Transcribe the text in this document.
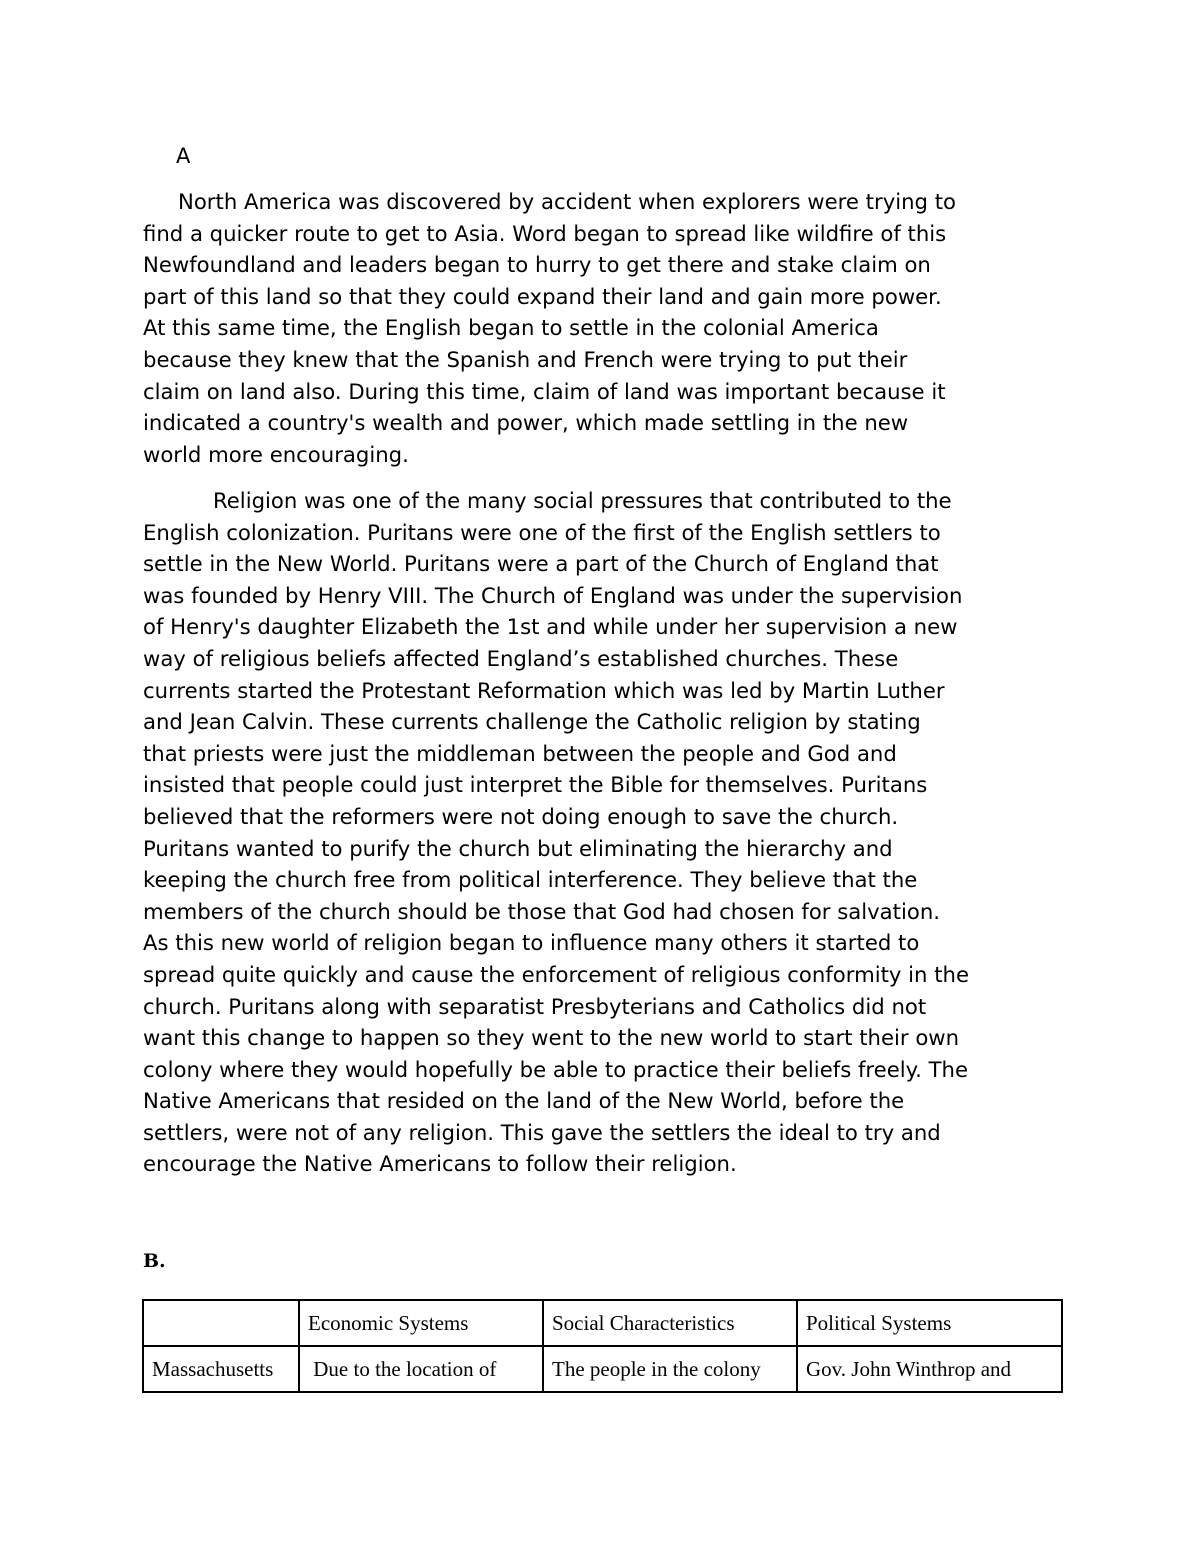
A

North America was discovered by accident when explorers were trying to
find a quicker route to get to Asia. Word began to spread like wildfire of this
Newfoundland and leaders began to hurry to get there and stake claim on
part of this land so that they could expand their land and gain more power.
At this same time, the English began to settle in the colonial America
because they knew that the Spanish and French were trying to put their
claim on land also. During this time, claim of land was important because it
indicated a country's wealth and power, which made settling in the new
world more encouraging.

Religion was one of the many social pressures that contributed to the
English colonization. Puritans were one of the first of the English settlers to
settle in the New World. Puritans were a part of the Church of England that
was founded by Henry VIII. The Church of England was under the supervision
of Henry's daughter Elizabeth the 1st and while under her supervision a new
way of religious beliefs affected England’s established churches. These
currents started the Protestant Reformation which was led by Martin Luther
and Jean Calvin. These currents challenge the Catholic religion by stating
that priests were just the middleman between the people and God and
insisted that people could just interpret the Bible for themselves. Puritans
believed that the reformers were not doing enough to save the church.
Puritans wanted to purify the church but eliminating the hierarchy and
keeping the church free from political interference. They believe that the
members of the church should be those that God had chosen for salvation.
As this new world of religion began to influence many others it started to
spread quite quickly and cause the enforcement of religious conformity in the
church. Puritans along with separatist Presbyterians and Catholics did not
want this change to happen so they went to the new world to start their own
colony where they would hopefully be able to practice their beliefs freely. The
Native Americans that resided on the land of the New World, before the
settlers, were not of any religion. This gave the settlers the ideal to try and
encourage the Native Americans to follow their religion.

B.
	Economic Systems	Social Characteristics	Political Systems
Massachusetts	Due to the location of	The people in the colony	Gov. John Winthrop and
